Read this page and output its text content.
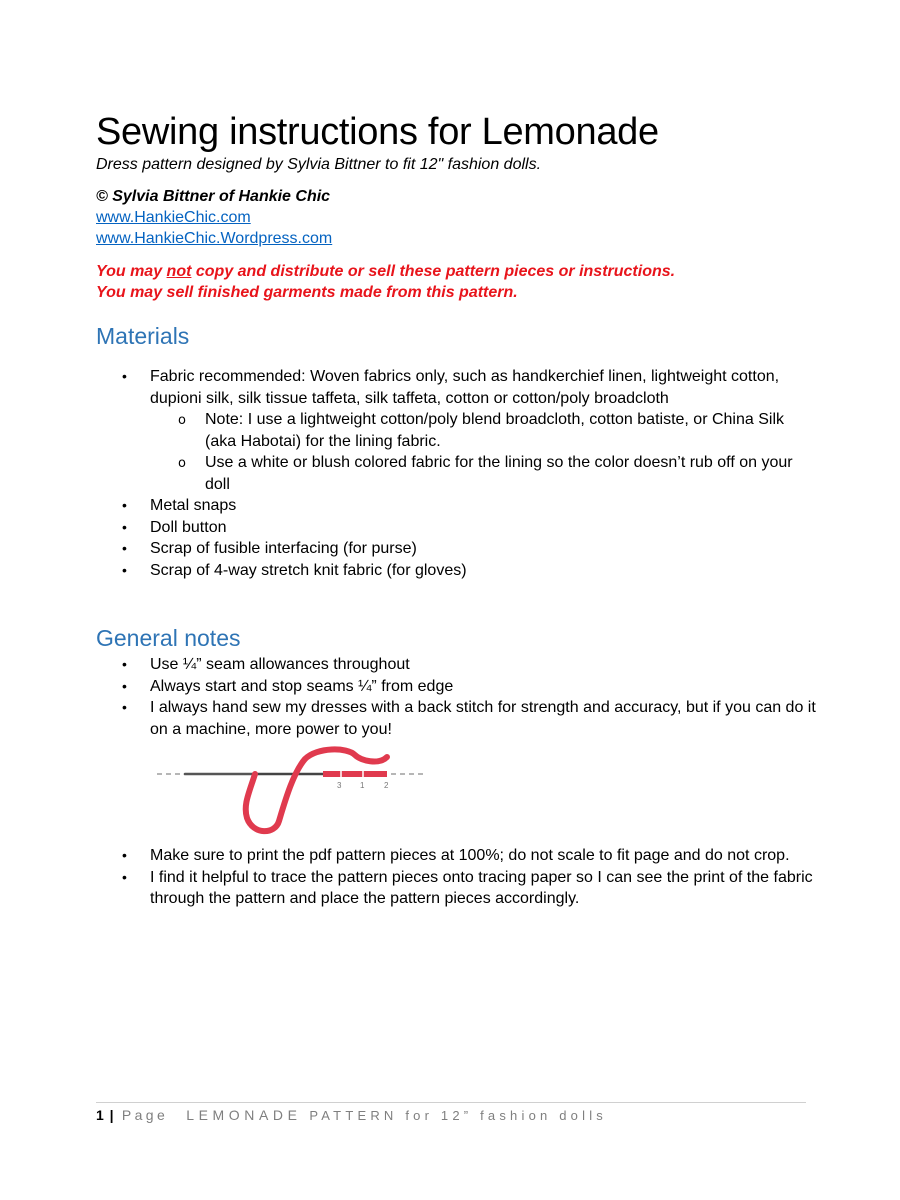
Sewing instructions for Lemonade

Dress pattern designed by Sylvia Bittner to fit 12" fashion dolls.

© Sylvia Bittner of Hankie Chic

www.HankieChic.com
www.HankieChic.Wordpress.com

You may not copy and distribute or sell these pattern pieces or instructions.

You may sell finished garments made from this pattern.

Materials
• Fabric recommended: Woven fabrics only, such as handkerchief linen, lightweight cotton, dupioni silk, silk tissue taffeta, silk taffeta, cotton or cotton/poly broadcloth
o Note: I use a lightweight cotton/poly blend broadcloth, cotton batiste, or China Silk (aka Habotai) for the lining fabric.
o Use a white or blush colored fabric for the lining so the color doesn’t rub off on your doll
• Metal snaps
• Doll button
• Scrap of fusible interfacing (for purse)
• Scrap of 4-way stretch knit fabric (for gloves)
General notes
• Use ¼” seam allowances throughout
• Always start and stop seams ¼” from edge
• I always hand sew my dresses with a back stitch for strength and accuracy, but if you can do it on a machine, more power to you!
3 1 2
• Make sure to print the pdf pattern pieces at 100%; do not scale to fit page and do not crop.
• I find it helpful to trace the pattern pieces onto tracing paper so I can see the print of the fabric through the pattern and place the pattern pieces accordingly.

1 | Page LEMONADE PATTERN for 12” fashion dolls
